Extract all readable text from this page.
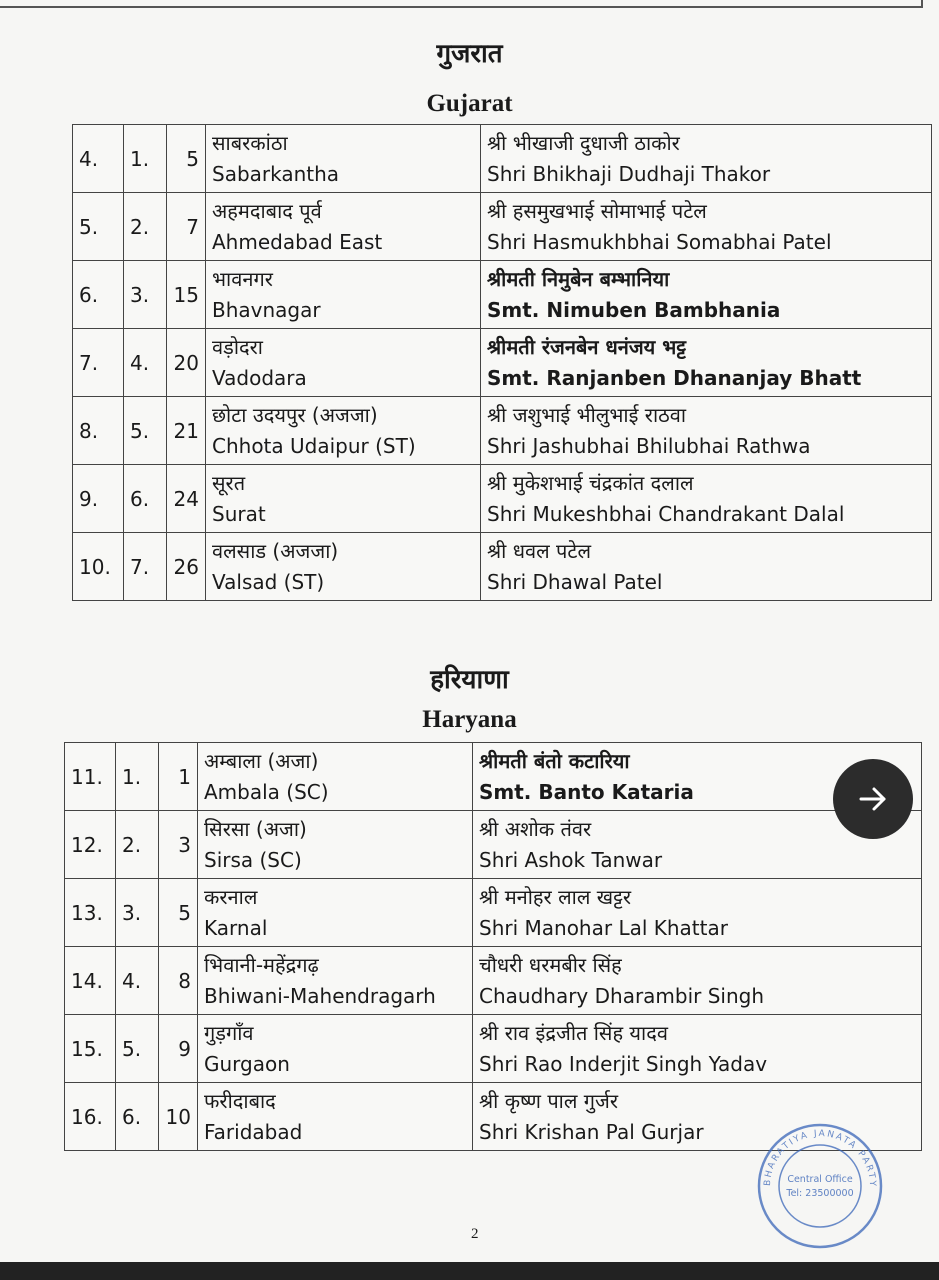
गुजरात
Gujarat
4.	1.	5	साबरकांठा
Sabarkantha	श्री भीखाजी दुधाजी ठाकोर
Shri Bhikhaji Dudhaji Thakor

5.	2.	7	अहमदाबाद पूर्व
Ahmedabad East	श्री हसमुखभाई सोमाभाई पटेल
Shri Hasmukhbhai Somabhai Patel

6.	3.	15	भावनगर
Bhavnagar	श्रीमती निमुबेन बम्भानिया
Smt. Nimuben Bambhania

7.	4.	20	वड़ोदरा
Vadodara	श्रीमती रंजनबेन धनंजय भट्ट
Smt. Ranjanben Dhananjay Bhatt

8.	5.	21	छोटा उदयपुर (अजजा)
Chhota Udaipur (ST)	श्री जशुभाई भीलुभाई राठवा
Shri Jashubhai Bhilubhai Rathwa

9.	6.	24	सूरत
Surat	श्री मुकेशभाई चंद्रकांत दलाल
Shri Mukeshbhai Chandrakant Dalal

10.	7.	26	वलसाड (अजजा)
Valsad (ST)	श्री धवल पटेल
Shri Dhawal Patel
हरियाणा
Haryana
11.	1.	1	अम्बाला (अजा)
Ambala (SC)	श्रीमती बंतो कटारिया
Smt. Banto Kataria

12.	2.	3	सिरसा (अजा)
Sirsa (SC)	श्री अशोक तंवर
Shri Ashok Tanwar

13.	3.	5	करनाल
Karnal	श्री मनोहर लाल खट्टर
Shri Manohar Lal Khattar

14.	4.	8	भिवानी-महेंद्रगढ़
Bhiwani-Mahendragarh	चौधरी धरमबीर सिंह
Chaudhary Dharambir Singh

15.	5.	9	गुड़गाँव
Gurgaon	श्री राव इंद्रजीत सिंह यादव
Shri Rao Inderjit Singh Yadav

16.	6.	10	फरीदाबाद
Faridabad	श्री कृष्ण पाल गुर्जर
Shri Krishan Pal Gurjar
BHARATIYA JANATA PARTY
Central Office
Tel: 23500000
2
